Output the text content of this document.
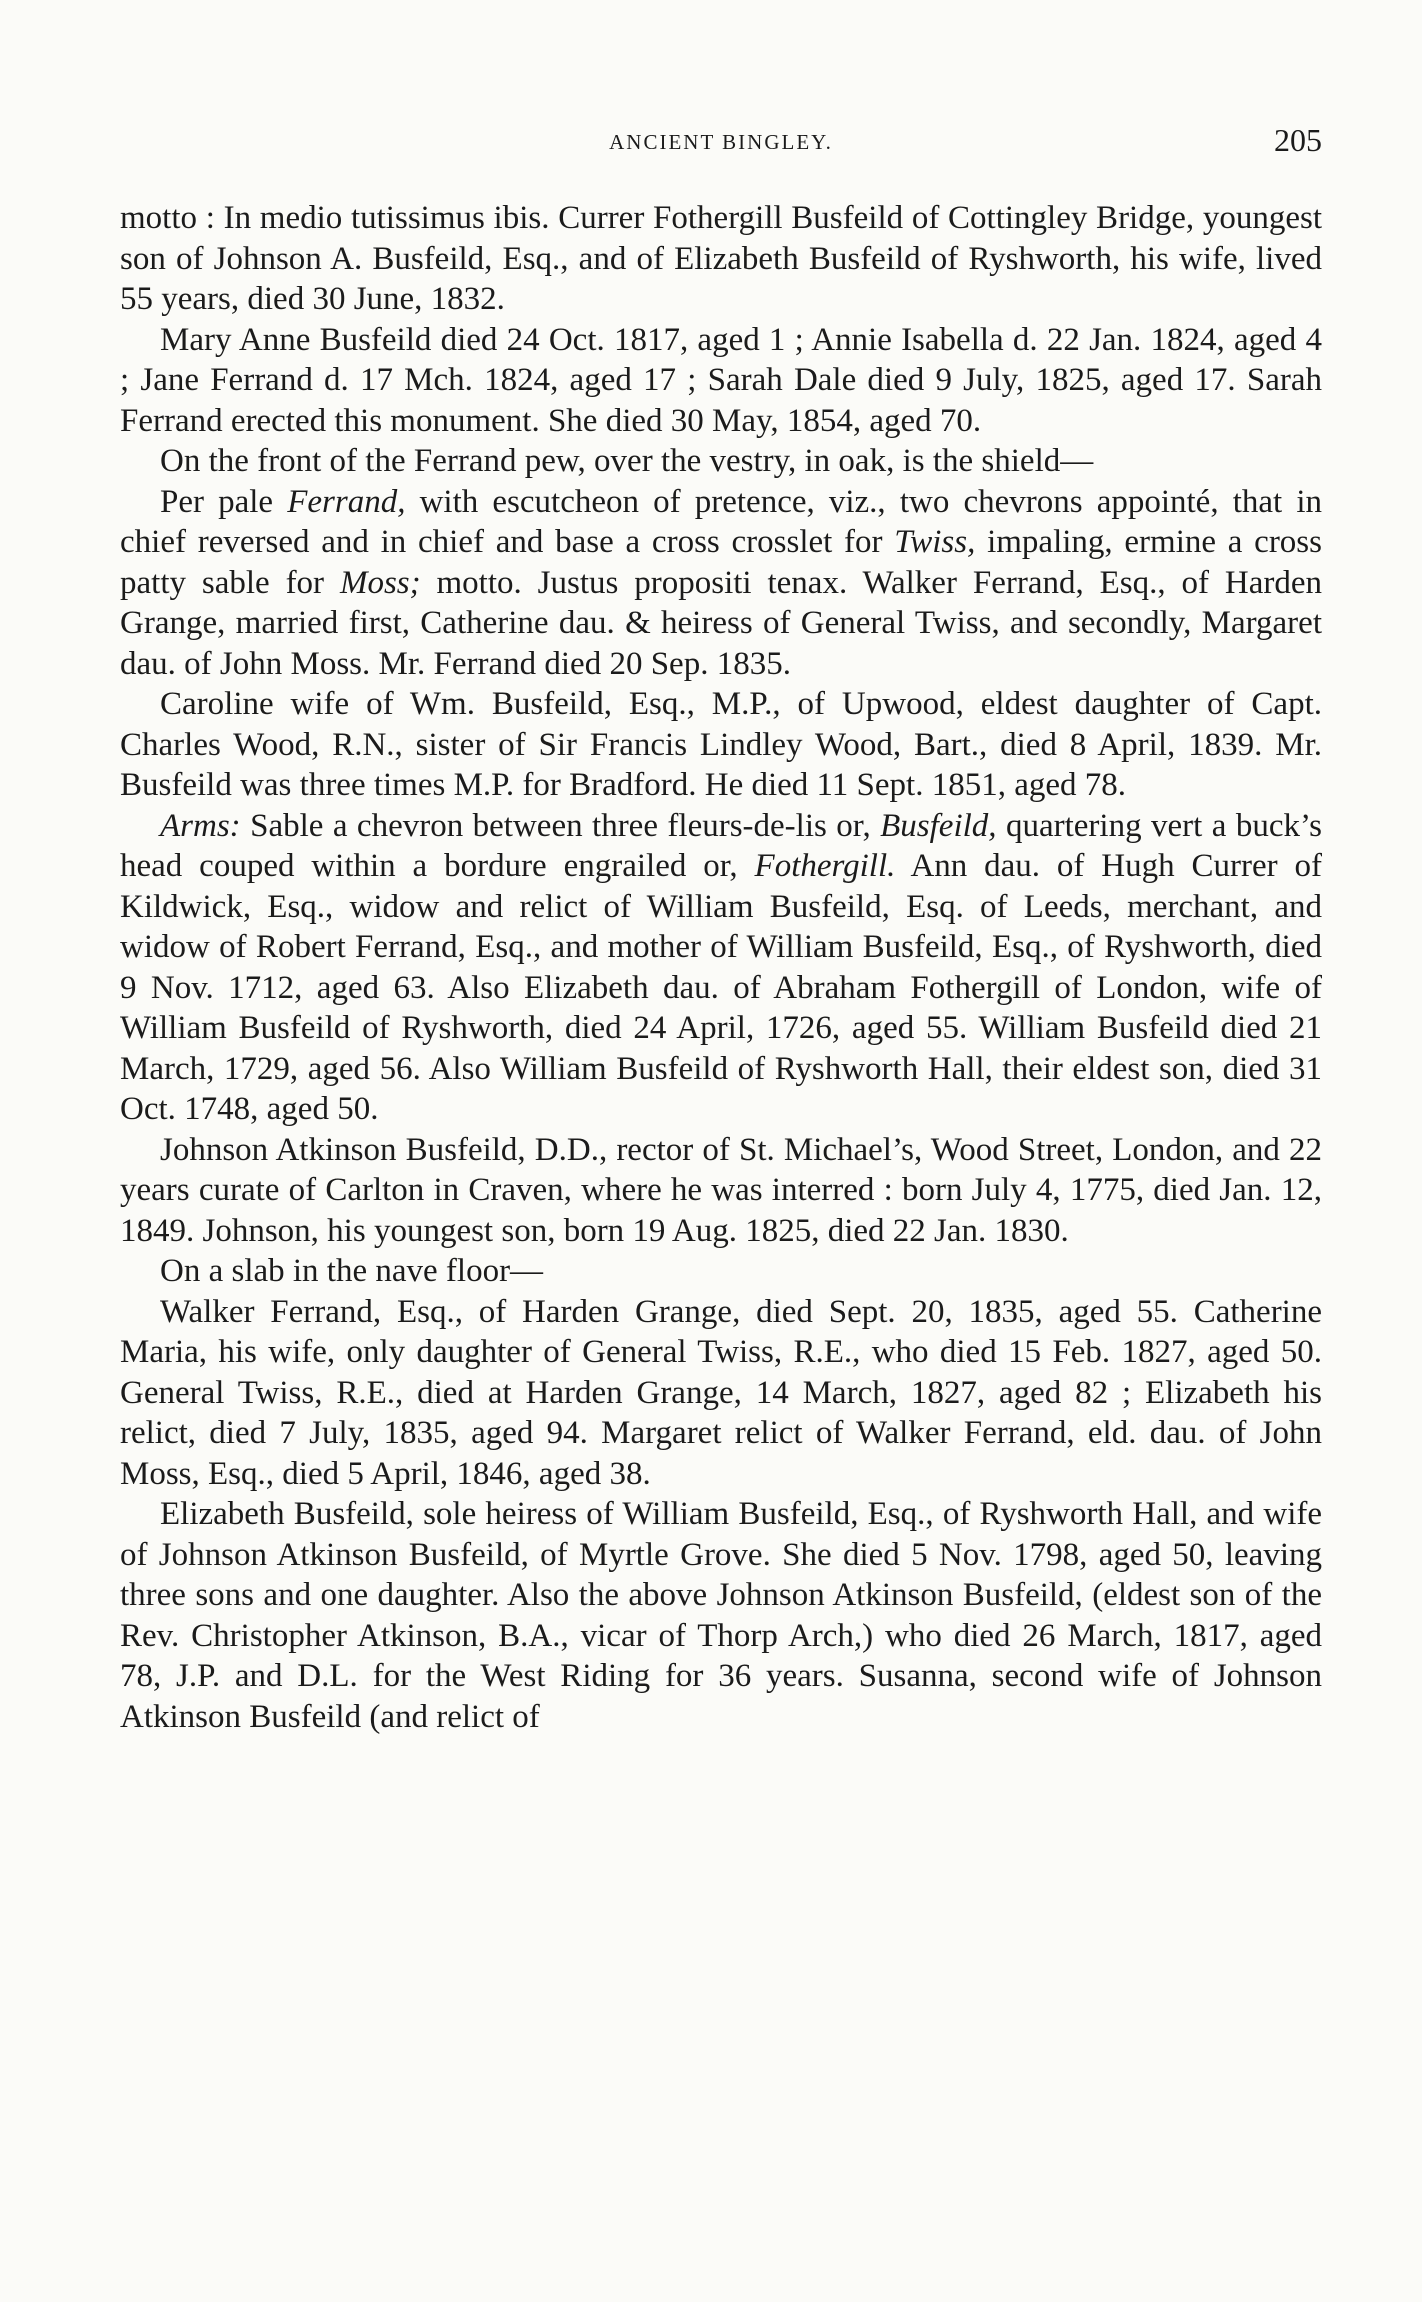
ANCIENT BINGLEY.	205

motto : In medio tutissimus ibis. Currer Fothergill Busfeild of Cottingley Bridge, youngest son of Johnson A. Busfeild, Esq., and of Elizabeth Busfeild of Ryshworth, his wife, lived 55 years, died 30 June, 1832.

Mary Anne Busfeild died 24 Oct. 1817, aged 1 ; Annie Isabella d. 22 Jan. 1824, aged 4 ; Jane Ferrand d. 17 Mch. 1824, aged 17 ; Sarah Dale died 9 July, 1825, aged 17. Sarah Ferrand erected this monument. She died 30 May, 1854, aged 70.

On the front of the Ferrand pew, over the vestry, in oak, is the shield—

Per pale Ferrand, with escutcheon of pretence, viz., two chevrons appointé, that in chief reversed and in chief and base a cross crosslet for Twiss, impaling, ermine a cross patty sable for Moss; motto. Justus propositi tenax. Walker Ferrand, Esq., of Harden Grange, married first, Catherine dau. & heiress of General Twiss, and secondly, Margaret dau. of John Moss. Mr. Ferrand died 20 Sep. 1835.

Caroline wife of Wm. Busfeild, Esq., M.P., of Upwood, eldest daughter of Capt. Charles Wood, R.N., sister of Sir Francis Lindley Wood, Bart., died 8 April, 1839. Mr. Busfeild was three times M.P. for Bradford. He died 11 Sept. 1851, aged 78.

Arms: Sable a chevron between three fleurs-de-lis or, Busfeild, quartering vert a buck’s head couped within a bordure engrailed or, Fothergill. Ann dau. of Hugh Currer of Kildwick, Esq., widow and relict of William Busfeild, Esq. of Leeds, merchant, and widow of Robert Ferrand, Esq., and mother of William Busfeild, Esq., of Ryshworth, died 9 Nov. 1712, aged 63. Also Elizabeth dau. of Abraham Fothergill of London, wife of William Busfeild of Ryshworth, died 24 April, 1726, aged 55. William Busfeild died 21 March, 1729, aged 56. Also William Busfeild of Ryshworth Hall, their eldest son, died 31 Oct. 1748, aged 50.

Johnson Atkinson Busfeild, D.D., rector of St. Michael’s, Wood Street, London, and 22 years curate of Carlton in Craven, where he was interred : born July 4, 1775, died Jan. 12, 1849. Johnson, his youngest son, born 19 Aug. 1825, died 22 Jan. 1830.

On a slab in the nave floor—

Walker Ferrand, Esq., of Harden Grange, died Sept. 20, 1835, aged 55. Catherine Maria, his wife, only daughter of General Twiss, R.E., who died 15 Feb. 1827, aged 50. General Twiss, R.E., died at Harden Grange, 14 March, 1827, aged 82 ; Elizabeth his relict, died 7 July, 1835, aged 94. Margaret relict of Walker Ferrand, eld. dau. of John Moss, Esq., died 5 April, 1846, aged 38.

Elizabeth Busfeild, sole heiress of William Busfeild, Esq., of Ryshworth Hall, and wife of Johnson Atkinson Busfeild, of Myrtle Grove. She died 5 Nov. 1798, aged 50, leaving three sons and one daughter. Also the above Johnson Atkinson Busfeild, (eldest son of the Rev. Christopher Atkinson, B.A., vicar of Thorp Arch,) who died 26 March, 1817, aged 78, J.P. and D.L. for the West Riding for 36 years. Susanna, second wife of Johnson Atkinson Busfeild (and relict of
